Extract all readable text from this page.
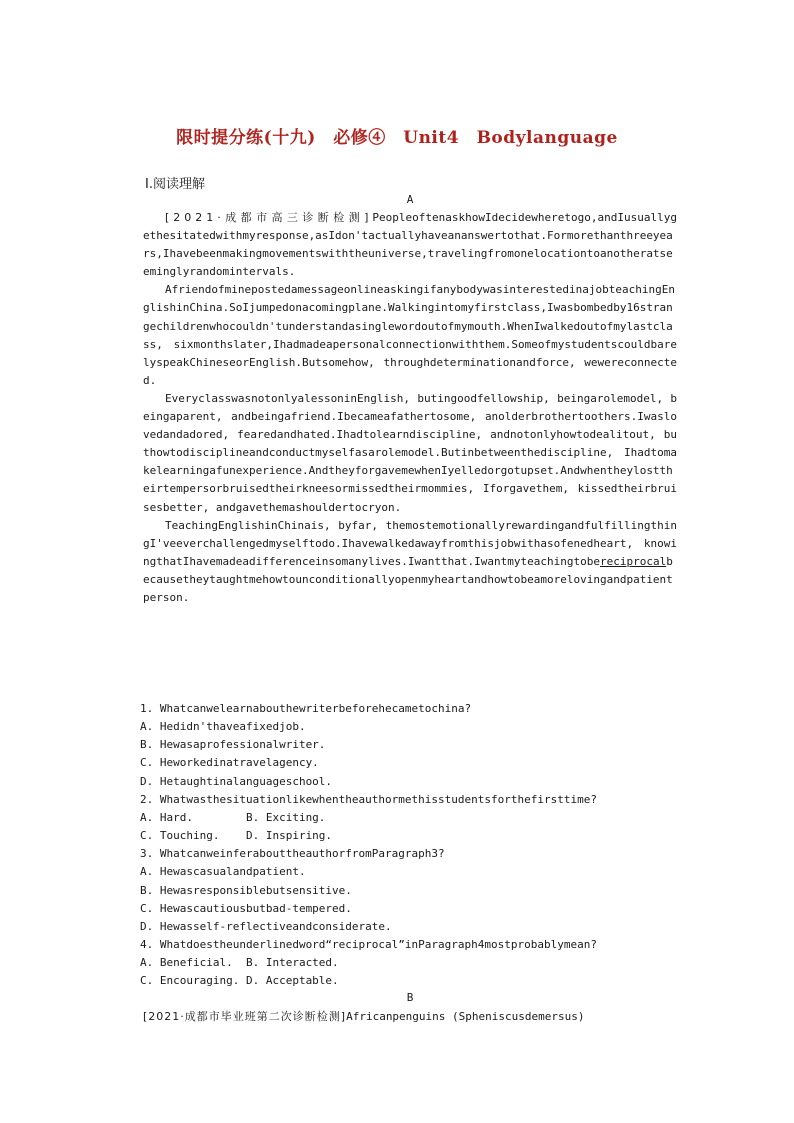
限时提分练(十九)　必修④　Unit4　Bodylanguage
Ⅰ.阅读理解
A

[2021·成都市高三诊断检测]PeopleoftenaskhowIdecidewheretogo,andIusuallygethesitatedwithmyresponse,asIdon'tactuallyhaveananswertothat.Formorethanthreeyears,Ihavebeenmakingmovementswiththeuniverse,travelingfromonelocationtoanotheratseeminglyrandomintervals.

AfriendofminepostedamessageonlineaskingifanybodywasinterestedinajobteachingEnglishinChina.SoIjumpedonacomingplane.Walkingintomyfirstclass,Iwasbombedby16strangechildrenwhocouldn'tunderstandasinglewordoutofmymouth.WhenIwalkedoutofmylastclass, sixmonthslater,Ihadmadeapersonalconnectionwiththem.SomeofmystudentscouldbarelyspeakChineseorEnglish.Butsomehow, throughdeterminationandforce, wewereconnected.

EveryclasswasnotonlyalessoninEnglish, butingoodfellowship, beingarolemodel, beingaparent, andbeingafriend.Ibecameafathertosome, anolderbrothertoothers.Iwaslovedandadored, fearedandhated.Ihadtolearndiscipline, andnotonlyhowtodealitout, buthowtodisciplineandconductmyselfasarolemodel.Butinbetweenthediscipline, Ihadtomakelearningafunexperience.AndtheyforgavemewhenIyelledorgotupset.Andwhentheylosttheirtempersorbruisedtheirkneesormissedtheirmommies, Iforgavethem, kissedtheirbruisesbetter, andgavethemashouldertocryon.

TeachingEnglishinChinais, byfar, themostemotionallyrewardingandfulfillingthingI'veeverchallengedmyselftodo.Ihavewalkedawayfromthisjobwithasofenedheart, knowingthatIhavemadeadifferenceinsomanylives.Iwantthat.Iwantmyteachingtobereciprocalbecausetheytaughtmehowtounconditionallyopenmyheartandhowtobeamorelovingandpatientperson.

1. Whatcanwelearnabouthewriterbeforehecametochina?
A. Hedidn'thaveafixedjob.
B. Hewasaprofessionalwriter.
C. Heworkedinatravelagency.
D. Hetaughtinalanguageschool.
2. Whatwasthesituationlikewhentheauthormethisstudentsforthefirsttime?
A. Hard.        B. Exciting.
C. Touching.    D. Inspiring.
3. WhatcanweinferabouttheauthorfromParagraph3?
A. Hewascasualandpatient.
B. Hewasresponsiblebutsensitive.
C. Hewascautiousbutbad-tempered.
D. Hewasself-reflectiveandconsiderate.
4. Whatdoestheunderlinedword“reciprocal”inParagraph4mostprobablymean?
A. Beneficial.  B. Interacted.
C. Encouraging. D. Acceptable.
B
[2021·成都市毕业班第二次诊断检测]Africanpenguins (Spheniscusdemersus)
